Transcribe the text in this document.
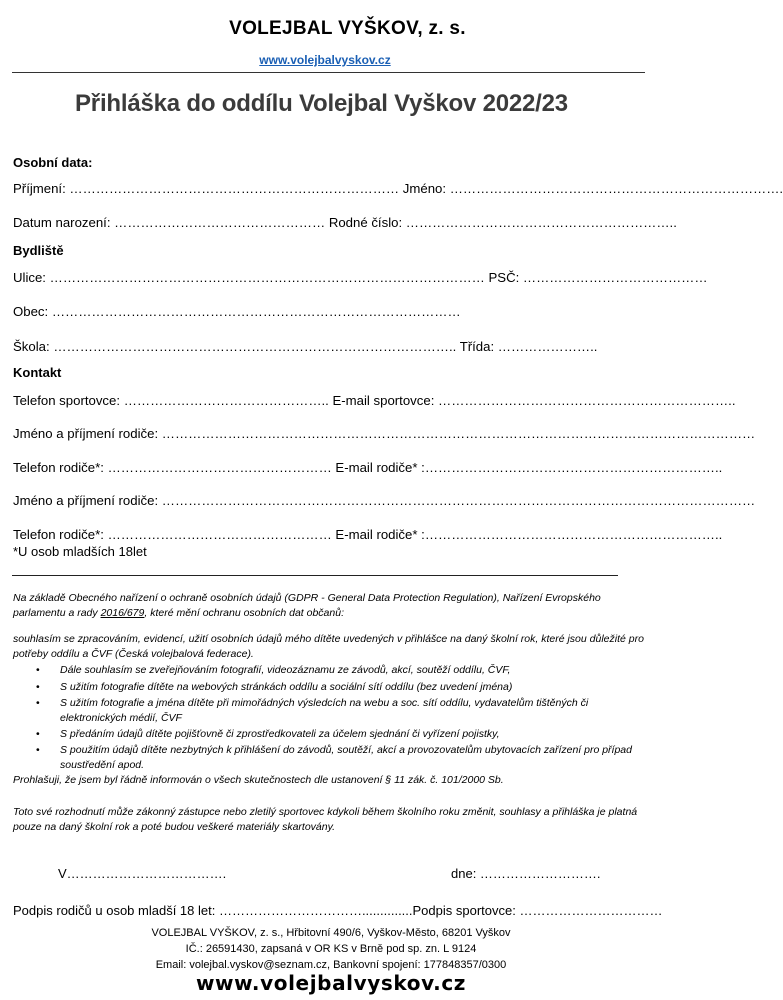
VOLEJBAL VYŠKOV, z. s.
www.volejbalvyskov.cz
Přihláška do oddílu Volejbal Vyškov 2022/23
Osobní data:
Příjmení: ………………………………………………………………… Jméno: ………………………………………………………………….
Datum narození: ………………………………………… Rodné číslo: ……………………………………………………..
Bydliště
Ulice: ……………………………………………………………………………………… PSČ: ……………………………………
Obec: …………………………………………………………………………………
Škola: ……………………………………………………………………………….. Třída: …………………..
Kontakt
Telefon sportovce: ……………………………………….. E-mail sportovce: …………………………………………………………..
Jméno a příjmení rodiče: ………………………………………………………………………………………………………………………
Telefon rodiče*: …………………………………………… E-mail rodiče* :…………………………………………………………..
Jméno a příjmení rodiče: ………………………………………………………………………………………………………………………
Telefon rodiče*: …………………………………………… E-mail rodiče* :…………………………………………………………..
*U osob mladších 18let
Na základě Obecného nařízení o ochraně osobních údajů (GDPR - General Data Protection Regulation), Nařízení Evropského
parlamentu a rady 2016/679, které mění ochranu osobních dat občanů:
souhlasím se zpracováním, evidencí, užití osobních údajů mého dítěte uvedených v přihlášce na daný školní rok, které jsou důležité pro potřeby oddílu a ČVF (Česká volejbalová federace).
• Dále souhlasím se zveřejňováním fotografií, videozáznamu ze závodů, akcí, soutěží oddílu, ČVF,
• S užitím fotografie dítěte na webových stránkách oddílu a sociální sítí oddílu (bez uvedení jména)
• S užitím fotografie a jména dítěte při mimořádných výsledcích na webu a soc. sítí oddílu, vydavatelům tištěných či elektronických médií, ČVF
• S předáním údajů dítěte pojišťovně či zprostředkovateli za účelem sjednání či vyřízení pojistky,
• S použitím údajů dítěte nezbytných k přihlášení do závodů, soutěží, akcí a provozovatelům ubytovacích zařízení pro případ soustředění apod.
Prohlašuji, že jsem byl řádně informován o všech skutečnostech dle ustanovení § 11 zák. č. 101/2000 Sb.
Toto své rozhodnutí může zákonný zástupce nebo zletilý sportovec kdykoli během školního roku změnit, souhlasy a přihláška je platná pouze na daný školní rok a poté budou veškeré materiály skartovány.
V……………………………….	dne: ……………………….
Podpis rodičů u osob mladší 18 let: ……………………………..............Podpis sportovce: ……………………………
VOLEJBAL VYŠKOV, z. s., Hřbitovní 490/6, Vyškov-Město, 68201 Vyškov
IČ.: 26591430, zapsaná v OR KS v Brně pod sp. zn. L 9124
Email: volejbal.vyskov@seznam.cz, Bankovní spojení: 177848357/0300
www.volejbalvyskov.cz
